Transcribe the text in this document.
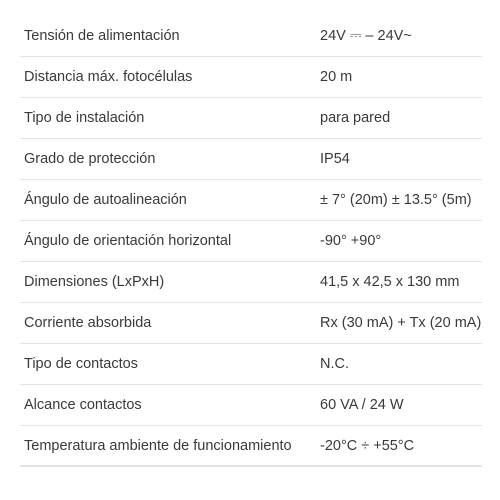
Tensión de alimentación	24V ⎓ – 24V~
Distancia máx. fotocélulas	20 m
Tipo de instalación	para pared
Grado de protección	IP54
Ángulo de autoalineación	± 7° (20m) ± 13.5° (5m)
Ángulo de orientación horizontal	-90° +90°
Dimensiones (LxPxH)	41,5 x 42,5 x 130 mm
Corriente absorbida	Rx (30 mA) + Tx (20 mA)
Tipo de contactos	N.C.
Alcance contactos	60 VA / 24 W
Temperatura ambiente de funcionamiento	-20°C ÷ +55°C
